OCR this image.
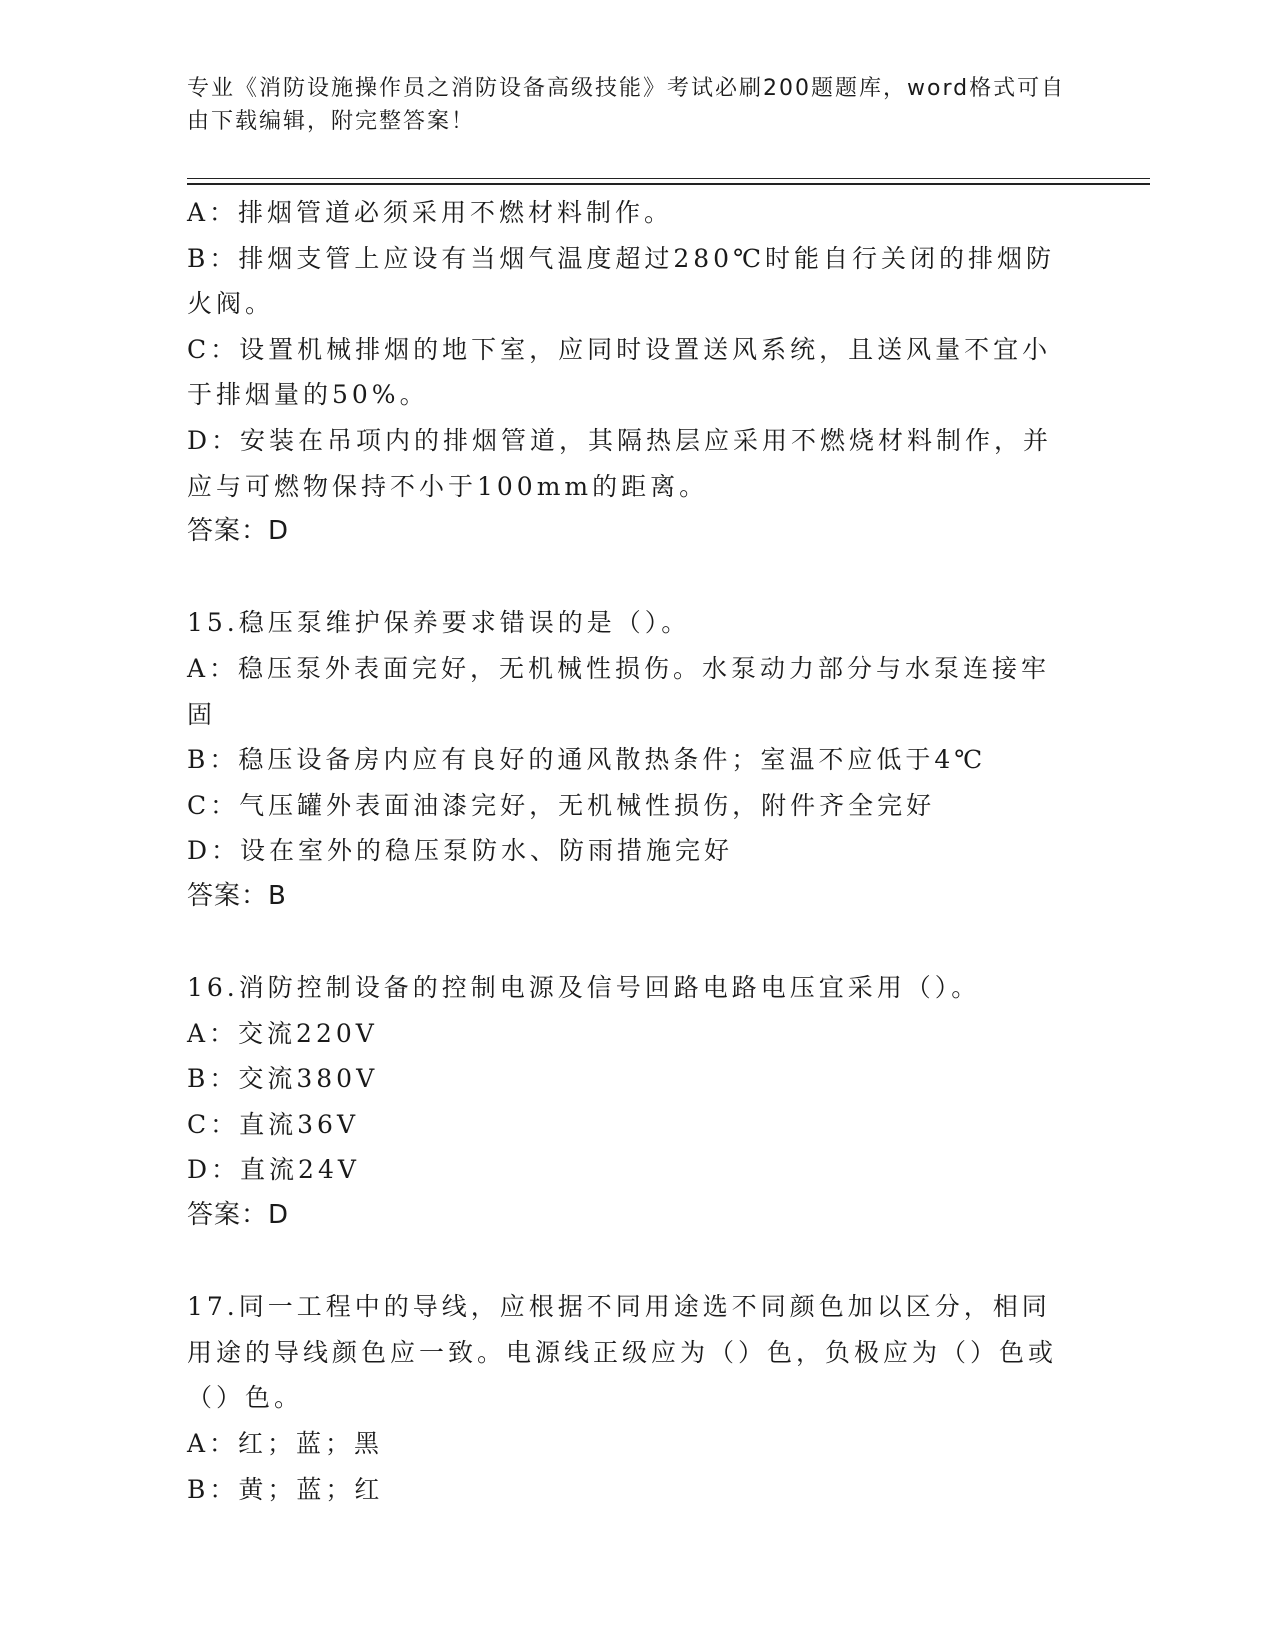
专业《消防设施操作员之消防设备高级技能》考试必刷200题题库，word格式可自由下载编辑，附完整答案！
A：排烟管道必须采用不燃材料制作。
B：排烟支管上应设有当烟气温度超过280℃时能自行关闭的排烟防火阀。
C：设置机械排烟的地下室，应同时设置送风系统，且送风量不宜小于排烟量的50%。
D：安装在吊项内的排烟管道，其隔热层应采用不燃烧材料制作，并应与可燃物保持不小于100mm的距离。
答案：D
15.稳压泵维护保养要求错误的是（）。
A：稳压泵外表面完好，无机械性损伤。水泵动力部分与水泵连接牢固
B：稳压设备房内应有良好的通风散热条件；室温不应低于4℃
C：气压罐外表面油漆完好，无机械性损伤，附件齐全完好
D：设在室外的稳压泵防水、防雨措施完好
答案：B
16.消防控制设备的控制电源及信号回路电路电压宜采用（）。
A：交流220V
B：交流380V
C：直流36V
D：直流24V
答案：D
17.同一工程中的导线，应根据不同用途选不同颜色加以区分，相同用途的导线颜色应一致。电源线正级应为（）色，负极应为（）色或（）色。
A：红；蓝；黑
B：黄；蓝；红
